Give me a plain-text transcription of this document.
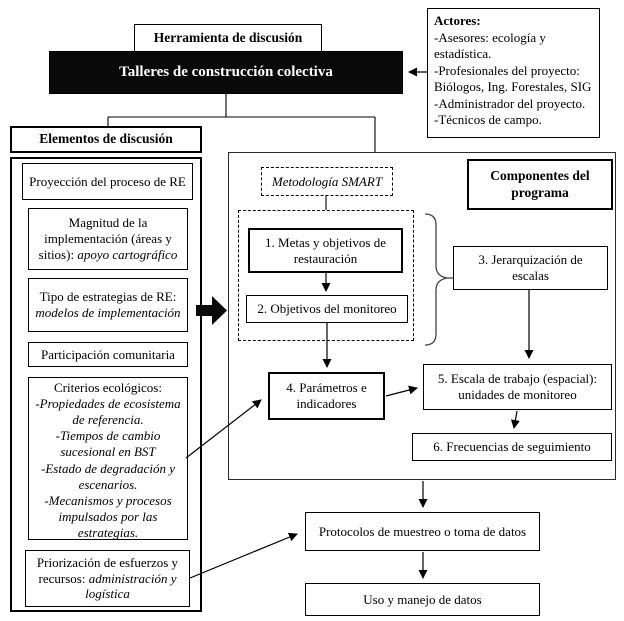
Herramienta de discusión
Talleres de construcción colectiva
Actores:
-Asesores: ecología y estadística.
-Profesionales del proyecto: Biólogos, Ing. Forestales, SIG
-Administrador del proyecto.
-Técnicos de campo.
Elementos de discusión
Proyección del proceso de RE
Magnitud de la implementación (áreas y sitios): apoyo cartográfico
Tipo de estrategias de RE: modelos de implementación
Participación comunitaria
Criterios ecológicos:
-Propiedades de ecosistema de referencia.
-Tiempos de cambio sucesional en BST
-Estado de degradación y escenarios.
-Mecanismos y procesos impulsados por las estrategias.
Priorización de esfuerzos y recursos: administración y logística
Metodología SMART	Componentes del programa
1. Metas y objetivos de restauración
2. Objetivos del monitoreo
3. Jerarquización de escalas
4. Parámetros e indicadores
5. Escala de trabajo (espacial): unidades de monitoreo
6. Frecuencias de seguimiento
Protocolos de muestreo o toma de datos
Uso y manejo de datos
